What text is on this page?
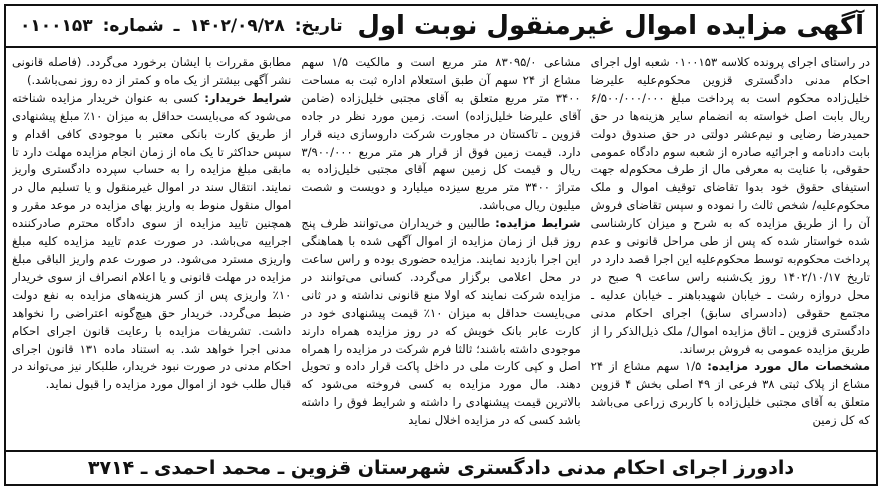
آگهی مزایده اموال غیرمنقول نوبت اول
تاریخ: ۱۴۰۲/۰۹/۲۸ ـ شماره: ۰۱۰۰۱۵۳

در راستای اجرای پرونده کلاسه ۰۱۰۰۱۵۳ شعبه اول اجرای احکام مدنی دادگستری قزوین محکوم‌علیه علیرضا خلیل‌زاده محکوم است به پرداخت مبلغ ۶/۵۰۰/۰۰۰/۰۰۰ ریال بابت اصل خواسته به انضمام سایر هزینه‌ها در حق حمیدرضا رضایی و نیم‌عشر دولتی در حق صندوق دولت بابت دادنامه و اجرائیه صادره از شعبه سوم دادگاه عمومی حقوقی، با عنایت به معرفی مال از طرف محکوم‌له جهت استیفای حقوق خود بدوا تقاضای توقیف اموال و ملک محکوم‌علیه/ شخص ثالث را نموده و سپس تقاضای فروش آن را از طریق مزایده که به شرح و میزان کارشناسی شده خواستار شده که پس از طی مراحل قانونی و عدم پرداخت محکوم‌به توسط محکوم‌علیه این اجرا قصد دارد در تاریخ ۱۴۰۲/۱۰/۱۷ روز یک‌شنبه راس ساعت ۹ صبح در محل دروازه رشت ـ خیابان شهیدباهنر ـ خیابان عدلیه ـ مجتمع حقوقی (دادسرای سابق) اجرای احکام مدنی دادگستری قزوین ـ اتاق مزایده اموال/ ملک ذیل‌الذکر را از طریق مزایده عمومی به فروش برساند.

مشخصات مال مورد مزایده: ۱/۵ سهم مشاع از ۲۴ مشاع از پلاک ثبتی ۳۸ فرعی از ۴۹ اصلی بخش ۴ قزوین متعلق به آقای مجتبی خلیل‌زاده با کاربری زراعی می‌باشد که کل زمین

مشاعی ۸۳۰۹۵/۰ متر مربع است و مالکیت ۱/۵ سهم مشاع از ۲۴ سهم آن طبق استعلام اداره ثبت به مساحت ۳۴۰۰ متر مربع متعلق به آقای مجتبی خلیل‌زاده (ضامن آقای علیرضا خلیل‌زاده) است. زمین مورد نظر در جاده قزوین ـ تاکستان در مجاورت شرکت داروسازی دینه قرار دارد. قیمت زمین فوق از قرار هر متر مربع ۳/۹۰۰/۰۰۰ ریال و قیمت کل زمین سهم آقای مجتبی خلیل‌زاده به متراژ ۳۴۰۰ متر مربع سیزده میلیارد و دویست و شصت میلیون ریال می‌باشد.

شرایط مزایده: طالبین و خریداران می‌توانند ظرف پنج روز قبل از زمان مزایده از اموال آگهی شده با هماهنگی این اجرا بازدید نمایند. مزایده حضوری بوده و راس ساعت در محل اعلامی برگزار می‌گردد. کسانی می‌توانند در مزایده شرکت نمایند که اولا منع قانونی نداشته و در ثانی می‌بایست حداقل به میزان ۱۰٪ قیمت پیشنهادی خود در کارت عابر بانک خویش که در روز مزایده همراه دارند موجودی داشته باشند؛ ثالثا فرم شرکت در مزایده را همراه اصل و کپی کارت ملی در داخل پاکت قرار داده و تحویل دهند. مال مورد مزایده به کسی فروخته می‌شود که بالاترین قیمت پیشنهادی را داشته و شرایط فوق را داشته باشد کسی که در مزایده اخلال نماید

مطابق مقررات با ایشان برخورد می‌گردد. (فاصله قانونی نشر آگهی بیشتر از یک ماه و کمتر از ده روز نمی‌باشد.)

شرایط خریدار: کسی به عنوان خریدار مزایده شناخته می‌شود که می‌بایست حداقل به میزان ۱۰٪ مبلغ پیشنهادی از طریق کارت بانکی معتبر با موجودی کافی اقدام و سپس حداکثر تا یک ماه از زمان انجام مزایده مهلت دارد تا مابقی مبلغ مزایده را به حساب سپرده دادگستری واریز نمایند. انتقال سند در اموال غیرمنقول و یا تسلیم مال در اموال منقول منوط به واریز بهای مزایده در موعد مقرر و همچنین تایید مزایده از سوی دادگاه محترم صادرکننده اجراییه می‌باشد. در صورت عدم تایید مزایده کلیه مبلغ واریزی مسترد می‌شود. در صورت عدم واریز الباقی مبلغ مزایده در مهلت قانونی و یا اعلام انصراف از سوی خریدار ۱۰٪ واریزی پس از کسر هزینه‌های مزایده به نفع دولت ضبط می‌گردد. خریدار حق هیچ‌گونه اعتراضی را نخواهد داشت. تشریفات مزایده با رعایت قانون اجرای احکام مدنی اجرا خواهد شد. به استناد ماده ۱۳۱ قانون اجرای احکام مدنی در صورت نبود خریدار، طلبکار نیز می‌تواند در قبال طلب خود از اموال مورد مزایده را قبول نماید.

دادورز اجرای احکام مدنی دادگستری شهرستان قزوین ـ محمد احمدی ـ ۳۷۱۴
